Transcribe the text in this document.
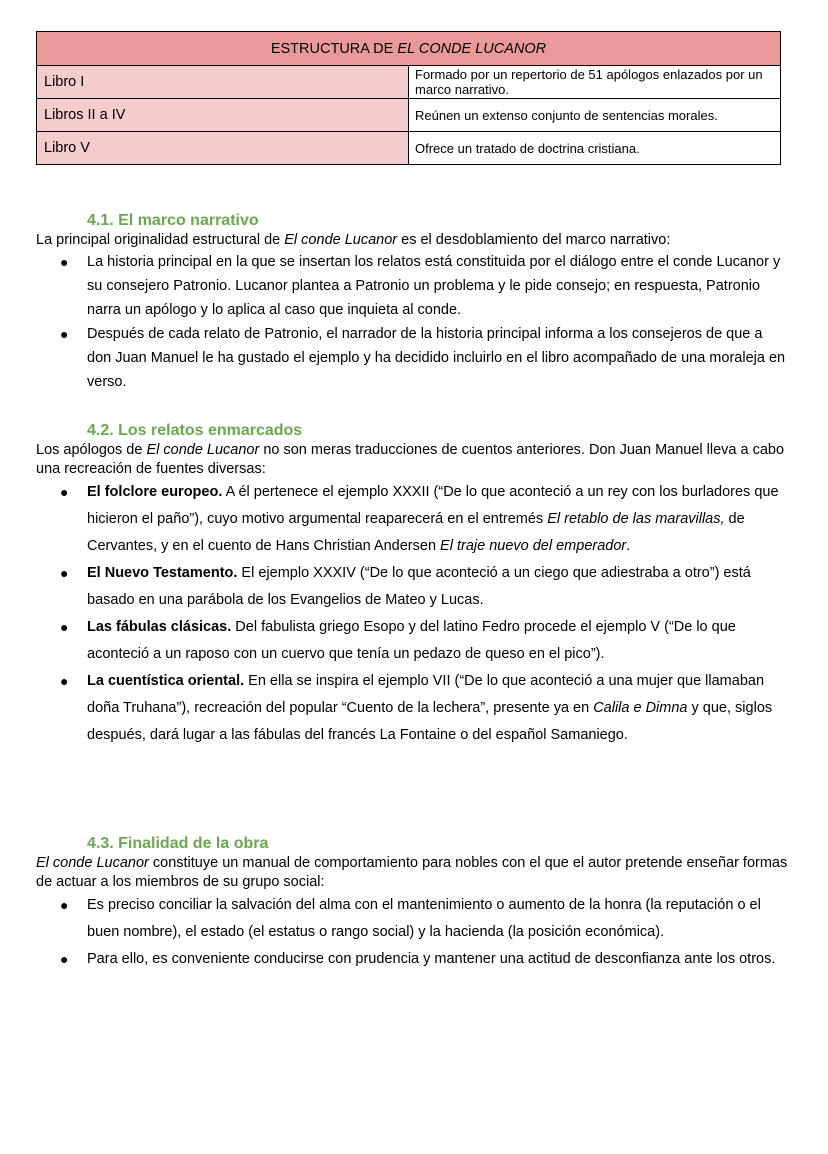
ESTRUCTURA DE EL CONDE LUCANOR	
Libro I	Formado por un repertorio de 51 apólogos enlazados por un marco narrativo.
Libros II a IV	Reúnen un extenso conjunto de sentencias morales.
Libro V	Ofrece un tratado de doctrina cristiana.
4.1. El marco narrativo

La principal originalidad estructural de El conde Lucanor es el desdoblamiento del marco narrativo:

● La historia principal en la que se insertan los relatos está constituida por el diálogo entre el conde Lucanor y su consejero Patronio. Lucanor plantea a Patronio un problema y le pide consejo; en respuesta, Patronio narra un apólogo y lo aplica al caso que inquieta al conde.
● Después de cada relato de Patronio, el narrador de la historia principal informa a los consejeros de que a don Juan Manuel le ha gustado el ejemplo y ha decidido incluirlo en el libro acompañado de una moraleja en verso.
4.2. Los relatos enmarcados

Los apólogos de El conde Lucanor no son meras traducciones de cuentos anteriores. Don Juan Manuel lleva a cabo una recreación de fuentes diversas:

● El folclore europeo. A él pertenece el ejemplo XXXII (“De lo que aconteció a un rey con los burladores que hicieron el paño”), cuyo motivo argumental reaparecerá en el entremés El retablo de las maravillas, de Cervantes, y en el cuento de Hans Christian Andersen El traje nuevo del emperador.
● El Nuevo Testamento. El ejemplo XXXIV (“De lo que aconteció a un ciego que adiestraba a otro”) está basado en una parábola de los Evangelios de Mateo y Lucas.
● Las fábulas clásicas. Del fabulista griego Esopo y del latino Fedro procede el ejemplo V (“De lo que aconteció a un raposo con un cuervo que tenía un pedazo de queso en el pico”).
● La cuentística oriental. En ella se inspira el ejemplo VII (“De lo que aconteció a una mujer que llamaban doña Truhana”), recreación del popular “Cuento de la lechera”, presente ya en Calila e Dimna y que, siglos después, dará lugar a las fábulas del francés La Fontaine o del español Samaniego.
4.3. Finalidad de la obra

El conde Lucanor constituye un manual de comportamiento para nobles con el que el autor pretende enseñar formas de actuar a los miembros de su grupo social:

● Es preciso conciliar la salvación del alma con el mantenimiento o aumento de la honra (la reputación o el buen nombre), el estado (el estatus o rango social) y la hacienda (la posición económica).
● Para ello, es conveniente conducirse con prudencia y mantener una actitud de desconfianza ante los otros.
